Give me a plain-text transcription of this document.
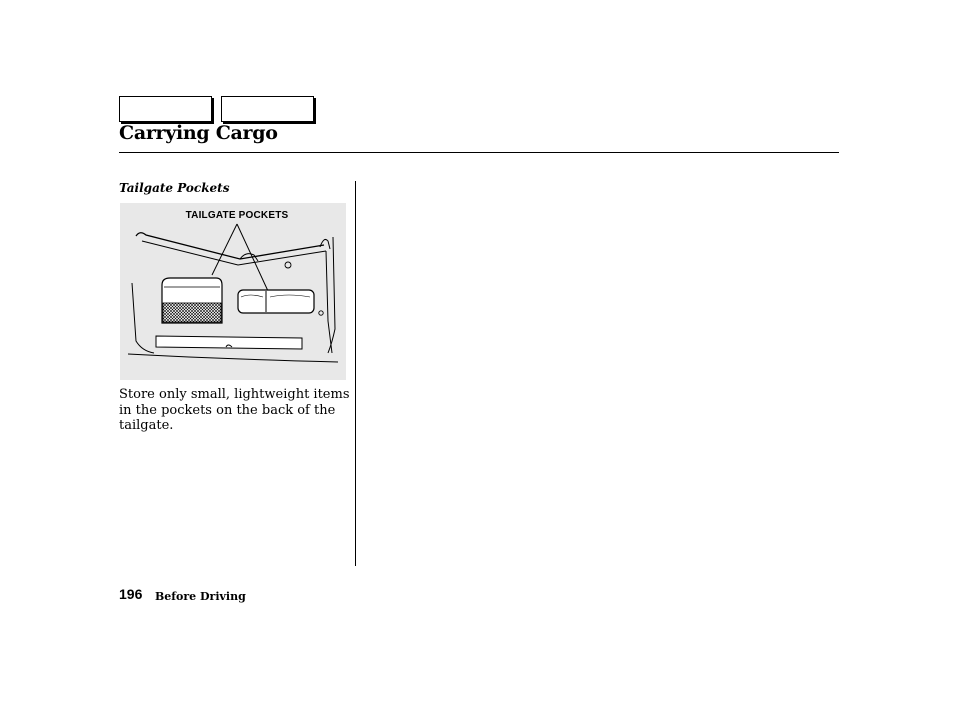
Carrying Cargo
Tailgate Pockets
TAILGATE POCKETS

Store only small, lightweight items in the pockets on the back of the tailgate.

196 Before Driving
